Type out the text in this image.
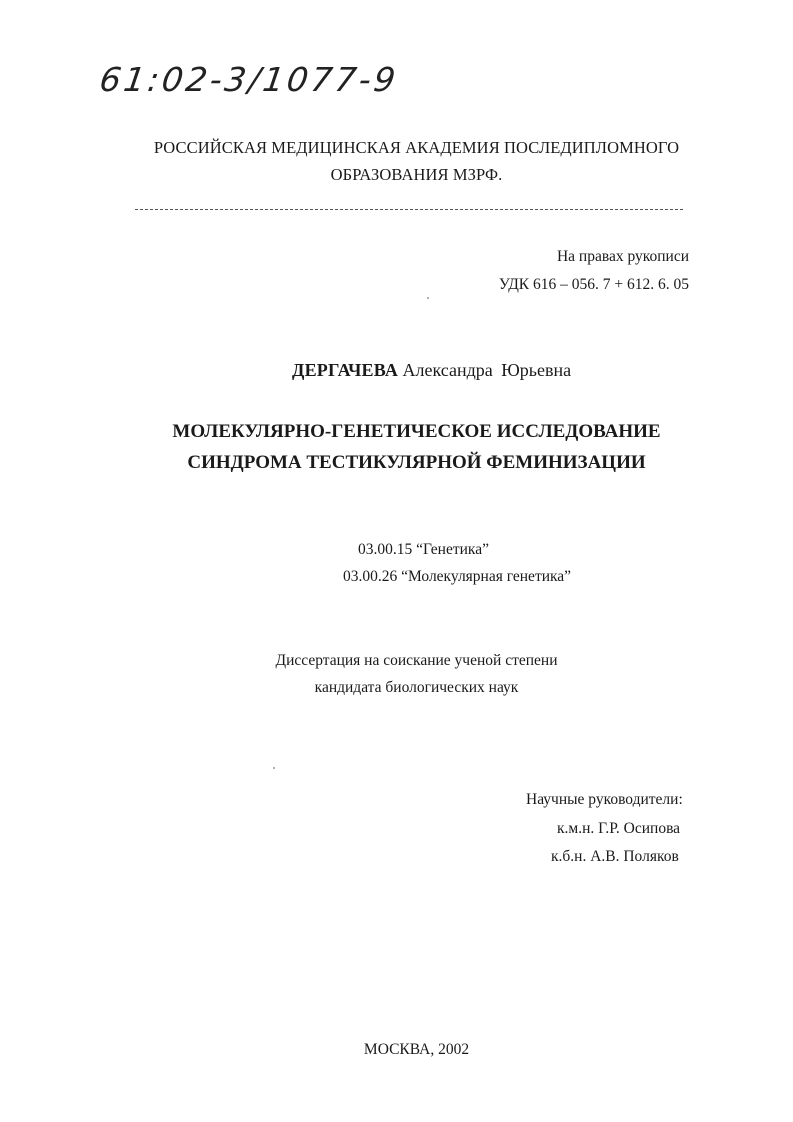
61:02-3/1077-9
РОССИЙСКАЯ МЕДИЦИНСКАЯ АКАДЕМИЯ ПОСЛЕДИПЛОМНОГО
ОБРАЗОВАНИЯ МЗРФ.
На правах рукописи
УДК 616 – 056. 7 + 612. 6. 05
ДЕРГАЧЕВА Александра Юрьевна
МОЛЕКУЛЯРНО-ГЕНЕТИЧЕСКОЕ ИССЛЕДОВАНИЕ
СИНДРОМА ТЕСТИКУЛЯРНОЙ ФЕМИНИЗАЦИИ
03.00.15 “Генетика”
03.00.26 “Молекулярная генетика”
Диссертация на соискание ученой степени
кандидата биологических наук
Научные руководители:
к.м.н. Г.Р. Осипова
к.б.н. А.В. Поляков
МОСКВА, 2002
